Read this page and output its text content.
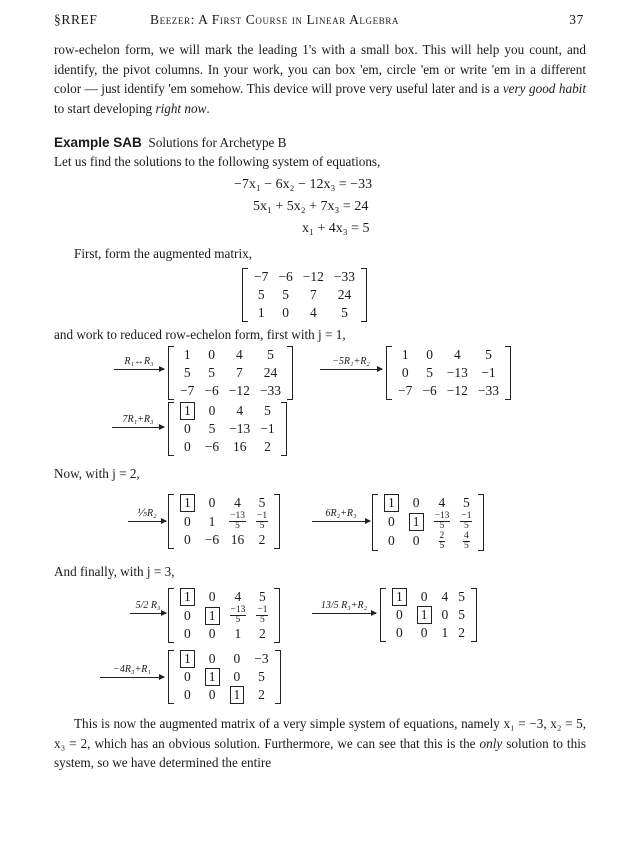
§RREF	Beezer: A First Course in Linear Algebra	37

row-echelon form, we will mark the leading 1's with a small box. This will help you count, and identify, the pivot columns. In your work, you can box 'em, circle 'em or write 'em in a different color — just identify 'em somehow. This device will prove very useful later and is a very good habit to start developing right now.

Example SAB Solutions for Archetype B

Let us find the solutions to the following system of equations,

−7x₁ − 6x₂ − 12x₃ = −33
5x₁ + 5x₂ + 7x₃ = 24
x₁ + 4x₃ = 5

First, form the augmented matrix,

−7	−6	−12	−33
5	5	7	24
1	0	4	5

and work to reduced row-echelon form, first with j = 1,

R₁↔R₃	1	0	4	5
5	5	7	24
−7	−6	−12	−33
−5R₁+R₂	1	0	4	5
0	5	−13	−1
−7	−6	−12	−33
7R₁+R₃
1	0	4	5
0	5	−13	−1
0	−6	16	2

Now, with j = 2,

⅕R₂
1	0	4	5
0	1	$\frac{-13}{5}$	$\frac{-1}{5}$

0	−6	16	2
6R₂+R₃
1	0	4	5
0	1	$\frac{-13}{5}$	$\frac{-1}{5}$

0	0	$\frac{2}{5}$	$\frac{4}{5}$

And finally, with j = 3,

5/2 R₃
1	0	4	5
0	1	$\frac{-13}{5}$	$\frac{-1}{5}$

0	0	1	2
13/5 R₃+R₂
1	0	4	5
0	1	0	5
0	0	1	2
−4R₃+R₁
1	0	0	−3
0	1	0	5
0	0	1	2

This is now the augmented matrix of a very simple system of equations, namely x₁ = −3, x₂ = 5, x₃ = 2, which has an obvious solution. Furthermore, we can see that this is the only solution to this system, so we have determined the entire
